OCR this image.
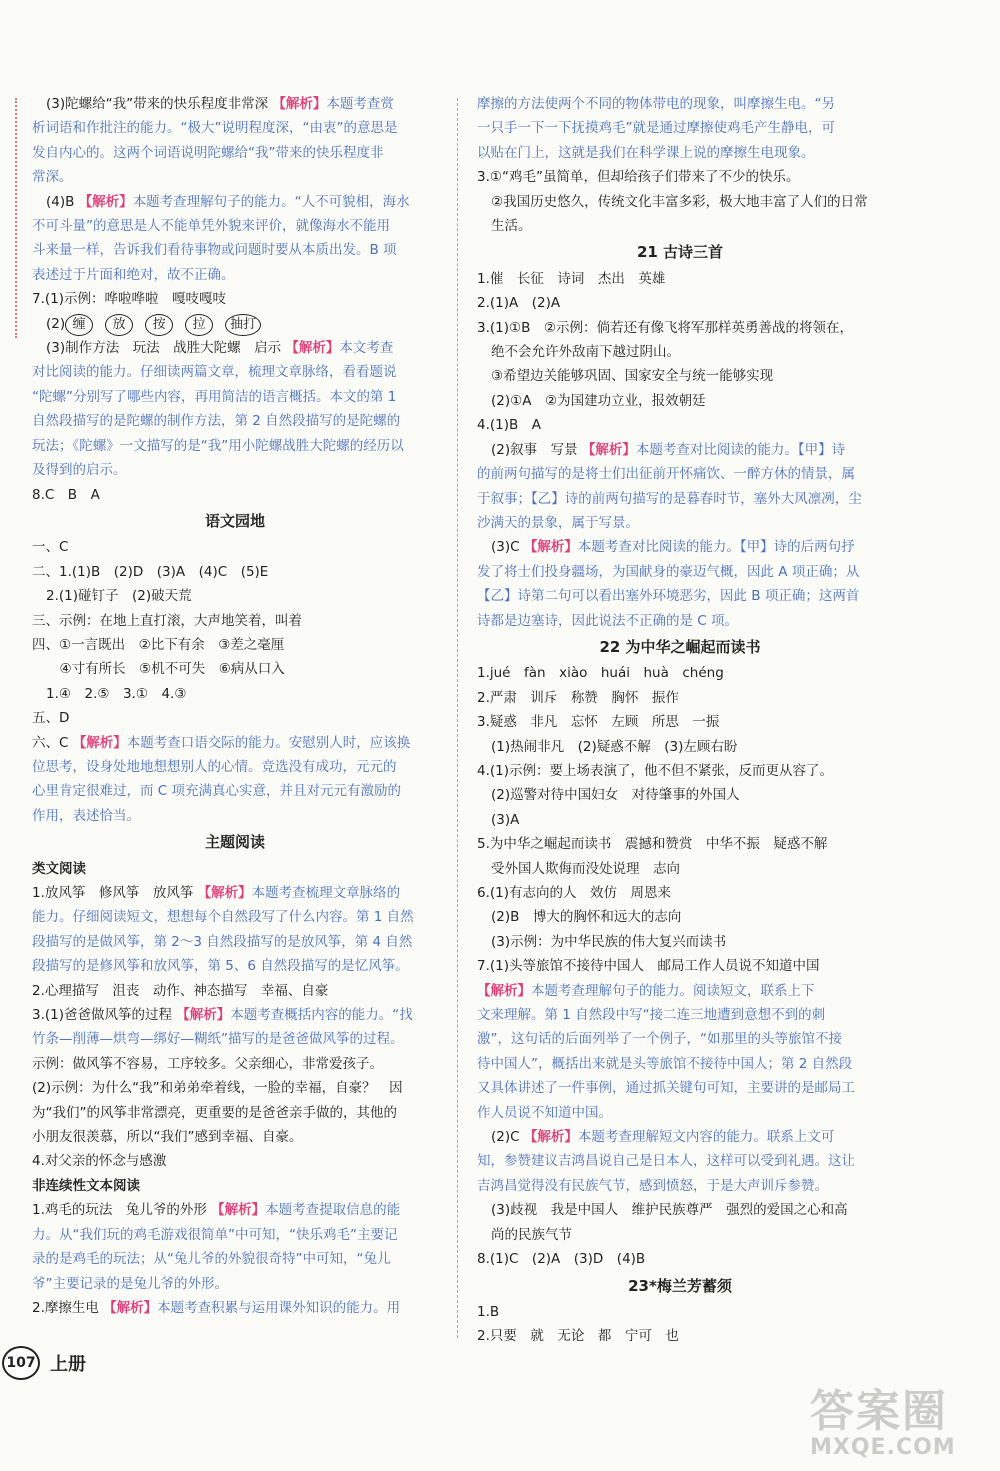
(3)陀螺给“我”带来的快乐程度非常深 【解析】本题考查赏
析词语和作批注的能力。“极大”说明程度深，“由衷”的意思是
发自内心的。这两个词语说明陀螺给“我”带来的快乐程度非
常深。
(4)B 【解析】本题考查理解句子的能力。“人不可貌相，海水
不可斗量”的意思是人不能单凭外貌来评价，就像海水不能用
斗来量一样，告诉我们看待事物或问题时要从本质出发。B 项
表述过于片面和绝对，故不正确。
7.(1)示例：哗啦哗啦　嘎吱嘎吱
(2) 缠 放 按 拉 抽打
(3)制作方法　玩法　战胜大陀螺　启示 【解析】本文考查
对比阅读的能力。仔细读两篇文章，梳理文章脉络，看看题说
“陀螺”分别写了哪些内容，再用简洁的语言概括。本文的第 1
自然段描写的是陀螺的制作方法，第 2 自然段描写的是陀螺的
玩法；《陀螺》一文描写的是“我”用小陀螺战胜大陀螺的经历以
及得到的启示。
8.C　B　A
语文园地
一、C
二、1.(1)B　(2)D　(3)A　(4)C　(5)E
2.(1)碰钉子　(2)破天荒
三、示例：在地上直打滚，大声地笑着，叫着
四、①一言既出　②比下有余　③差之毫厘
　④寸有所长　⑤机不可失　⑥病从口入
1.④　2.⑤　3.①　4.③
五、D
六、C 【解析】本题考查口语交际的能力。安慰别人时，应该换
位思考，设身处地地想想别人的心情。竞选没有成功，元元的
心里肯定很难过，而 C 项充满真心实意，并且对元元有激励的
作用，表述恰当。
主题阅读
类文阅读
1.放风筝　修风筝　放风筝 【解析】本题考查梳理文章脉络的
能力。仔细阅读短文，想想每个自然段写了什么内容。第 1 自然
段描写的是做风筝，第 2～3 自然段描写的是放风筝，第 4 自然
段描写的是修风筝和放风筝，第 5、6 自然段描写的是忆风筝。
2.心理描写　沮丧　动作、神态描写　幸福、自豪
3.(1)爸爸做风筝的过程 【解析】本题考查概括内容的能力。“找
竹条—削薄—烘弯—绑好—糊纸”描写的是爸爸做风筝的过程。
示例：做风筝不容易，工序较多。父亲细心，非常爱孩子。
(2)示例：为什么“我”和弟弟牵着线，一脸的幸福，自豪？　因
为“我们”的风筝非常漂亮，更重要的是爸爸亲手做的，其他的
小朋友很羡慕，所以“我们”感到幸福、自豪。
4.对父亲的怀念与感激
非连续性文本阅读
1.鸡毛的玩法　兔儿爷的外形 【解析】本题考查提取信息的能
力。从“我们玩的鸡毛游戏很简单”中可知，“快乐鸡毛”主要记
录的是鸡毛的玩法；从“兔儿爷的外貌很奇特”中可知，“兔儿
爷”主要记录的是兔儿爷的外形。
2.摩擦生电 【解析】本题考查积累与运用课外知识的能力。用
摩擦的方法使两个不同的物体带电的现象，叫摩擦生电。“另
一只手一下一下抚摸鸡毛”就是通过摩擦使鸡毛产生静电，可
以贴在门上，这就是我们在科学课上说的摩擦生电现象。
3.①“鸡毛”虽简单，但却给孩子们带来了不少的快乐。
②我国历史悠久，传统文化丰富多彩，极大地丰富了人们的日常
生活。
21 古诗三首
1.催　长征　诗词　杰出　英雄
2.(1)A　(2)A
3.(1)①B　②示例：倘若还有像飞将军那样英勇善战的将领在，
绝不会允许外敌南下越过阴山。
③希望边关能够巩固、国家安全与统一能够实现
(2)①A　②为国建功立业，报效朝廷
4.(1)B　A
(2)叙事　写景 【解析】本题考查对比阅读的能力。【甲】诗
的前两句描写的是将士们出征前开怀痛饮、一醉方休的情景，属
于叙事；【乙】诗的前两句描写的是暮春时节，塞外大风凛冽，尘
沙满天的景象，属于写景。
(3)C 【解析】本题考查对比阅读的能力。【甲】诗的后两句抒
发了将士们投身疆场，为国献身的豪迈气概，因此 A 项正确；从
【乙】诗第二句可以看出塞外环境恶劣，因此 B 项正确；这两首
诗都是边塞诗，因此说法不正确的是 C 项。
22 为中华之崛起而读书
1.jué　fàn　xiào　huái　huà　chéng
2.严肃　训斥　称赞　胸怀　振作
3.疑惑　非凡　忘怀　左顾　所思　一振
(1)热闹非凡　(2)疑惑不解　(3)左顾右盼
4.(1)示例：要上场表演了，他不但不紧张，反而更从容了。
(2)巡警对待中国妇女　对待肇事的外国人
(3)A
5.为中华之崛起而读书　震撼和赞赏　中华不振　疑惑不解
受外国人欺侮而没处说理　志向
6.(1)有志向的人　效仿　周恩来
(2)B　博大的胸怀和远大的志向
(3)示例：为中华民族的伟大复兴而读书
7.(1)头等旅馆不接待中国人　邮局工作人员说不知道中国
【解析】本题考查理解句子的能力。阅读短文，联系上下
文来理解。第 1 自然段中写“接二连三地遭到意想不到的刺
激”，这句话的后面列举了一个例子，“如那里的头等旅馆不接
待中国人”，概括出来就是头等旅馆不接待中国人；第 2 自然段
又具体讲述了一件事例，通过抓关键句可知，主要讲的是邮局工
作人员说不知道中国。
(2)C 【解析】本题考查理解短文内容的能力。联系上文可
知，参赞建议吉鸿昌说自己是日本人，这样可以受到礼遇。这让
吉鸿昌觉得没有民族气节，感到愤怒，于是大声训斥参赞。
(3)歧视　我是中国人　维护民族尊严　强烈的爱国之心和高
尚的民族气节
8.(1)C　(2)A　(3)D　(4)B
23*梅兰芳蓄须
1.B
2.只要　就　无论　都　宁可　也
107 上册
答案圈
MXQE.COM
